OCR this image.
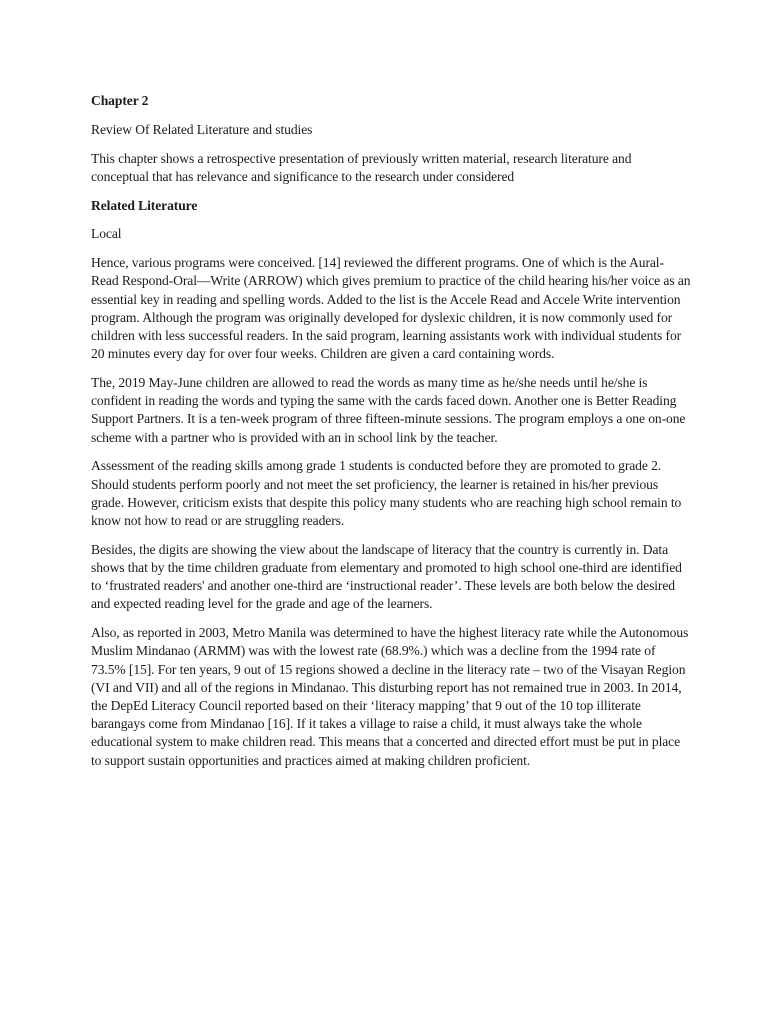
Chapter 2

Review Of Related Literature and studies

This chapter shows a retrospective presentation of previously written material, research literature and conceptual that has relevance and significance to the research under considered

Related Literature

Local

Hence, various programs were conceived. [14] reviewed the different programs. One of which is the Aural-Read Respond-Oral—Write (ARROW) which gives premium to practice of the child hearing his/her voice as an essential key in reading and spelling words. Added to the list is the Accele Read and Accele Write intervention program. Although the program was originally developed for dyslexic children, it is now commonly used for children with less successful readers. In the said program, learning assistants work with individual students for 20 minutes every day for over four weeks. Children are given a card containing words.

The, 2019 May-June children are allowed to read the words as many time as he/she needs until he/she is confident in reading the words and typing the same with the cards faced down. Another one is Better Reading Support Partners. It is a ten-week program of three fifteen-minute sessions. The program employs a one on-one scheme with a partner who is provided with an in school link by the teacher.

Assessment of the reading skills among grade 1 students is conducted before they are promoted to grade 2. Should students perform poorly and not meet the set proficiency, the learner is retained in his/her previous grade. However, criticism exists that despite this policy many students who are reaching high school remain to know not how to read or are struggling readers.

Besides, the digits are showing the view about the landscape of literacy that the country is currently in. Data shows that by the time children graduate from elementary and promoted to high school one-third are identified to ‘frustrated readers' and another one-third are ‘instructional reader’. These levels are both below the desired and expected reading level for the grade and age of the learners.

Also, as reported in 2003, Metro Manila was determined to have the highest literacy rate while the Autonomous Muslim Mindanao (ARMM) was with the lowest rate (68.9%.) which was a decline from the 1994 rate of 73.5% [15]. For ten years, 9 out of 15 regions showed a decline in the literacy rate – two of the Visayan Region (VI and VII) and all of the regions in Mindanao. This disturbing report has not remained true in 2003. In 2014, the DepEd Literacy Council reported based on their ‘literacy mapping’ that 9 out of the 10 top illiterate barangays come from Mindanao [16]. If it takes a village to raise a child, it must always take the whole educational system to make children read. This means that a concerted and directed effort must be put in place to support sustain opportunities and practices aimed at making children proficient.
